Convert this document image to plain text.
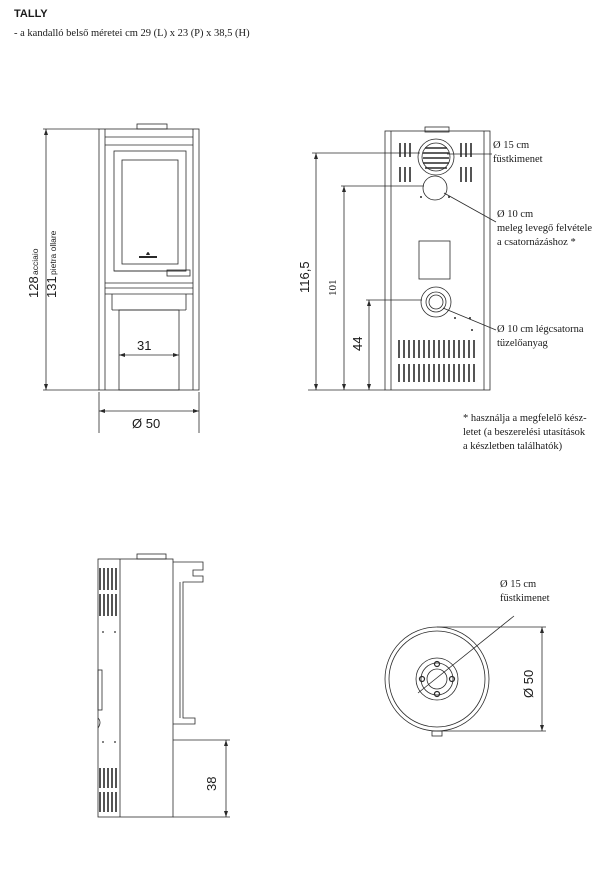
TALLY
- a kandalló belső méretei cm 29 (L) x 23 (P) x 38,5 (H)
128
acciaio
131
pietra ollare
31
Ø 50
116,5 101
44
Ø 15 cm
füstkimenet
Ø 10 cm
meleg levegő felvétele
a csatornázáshoz *
Ø 10 cm légcsatorna
tüzelőanyag
* használja a megfelelő kész-
letet (a beszerelési utasítások
a készletben találhatók)
38
Ø 15 cm
füstkimenet
Ø 50
